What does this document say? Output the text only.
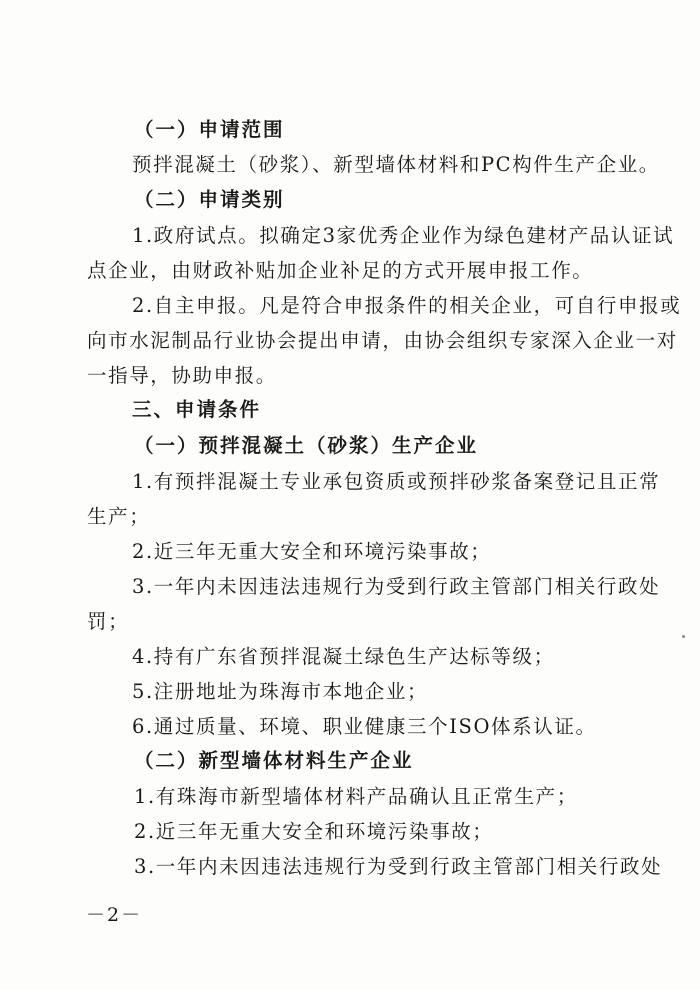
（一）申请范围
预拌混凝土（砂浆）、新型墙体材料和PC构件生产企业。
（二）申请类别
1.政府试点。拟确定3家优秀企业作为绿色建材产品认证试
点企业，由财政补贴加企业补足的方式开展申报工作。
2.自主申报。凡是符合申报条件的相关企业，可自行申报或
向市水泥制品行业协会提出申请，由协会组织专家深入企业一对
一指导，协助申报。
三、申请条件
（一）预拌混凝土（砂浆）生产企业
1.有预拌混凝土专业承包资质或预拌砂浆备案登记且正常
生产；
2.近三年无重大安全和环境污染事故；
3.一年内未因违法违规行为受到行政主管部门相关行政处
罚；
4.持有广东省预拌混凝土绿色生产达标等级；
5.注册地址为珠海市本地企业；
6.通过质量、环境、职业健康三个ISO体系认证。
（二）新型墙体材料生产企业
1.有珠海市新型墙体材料产品确认且正常生产；
2.近三年无重大安全和环境污染事故；
3.一年内未因违法违规行为受到行政主管部门相关行政处
－2－
